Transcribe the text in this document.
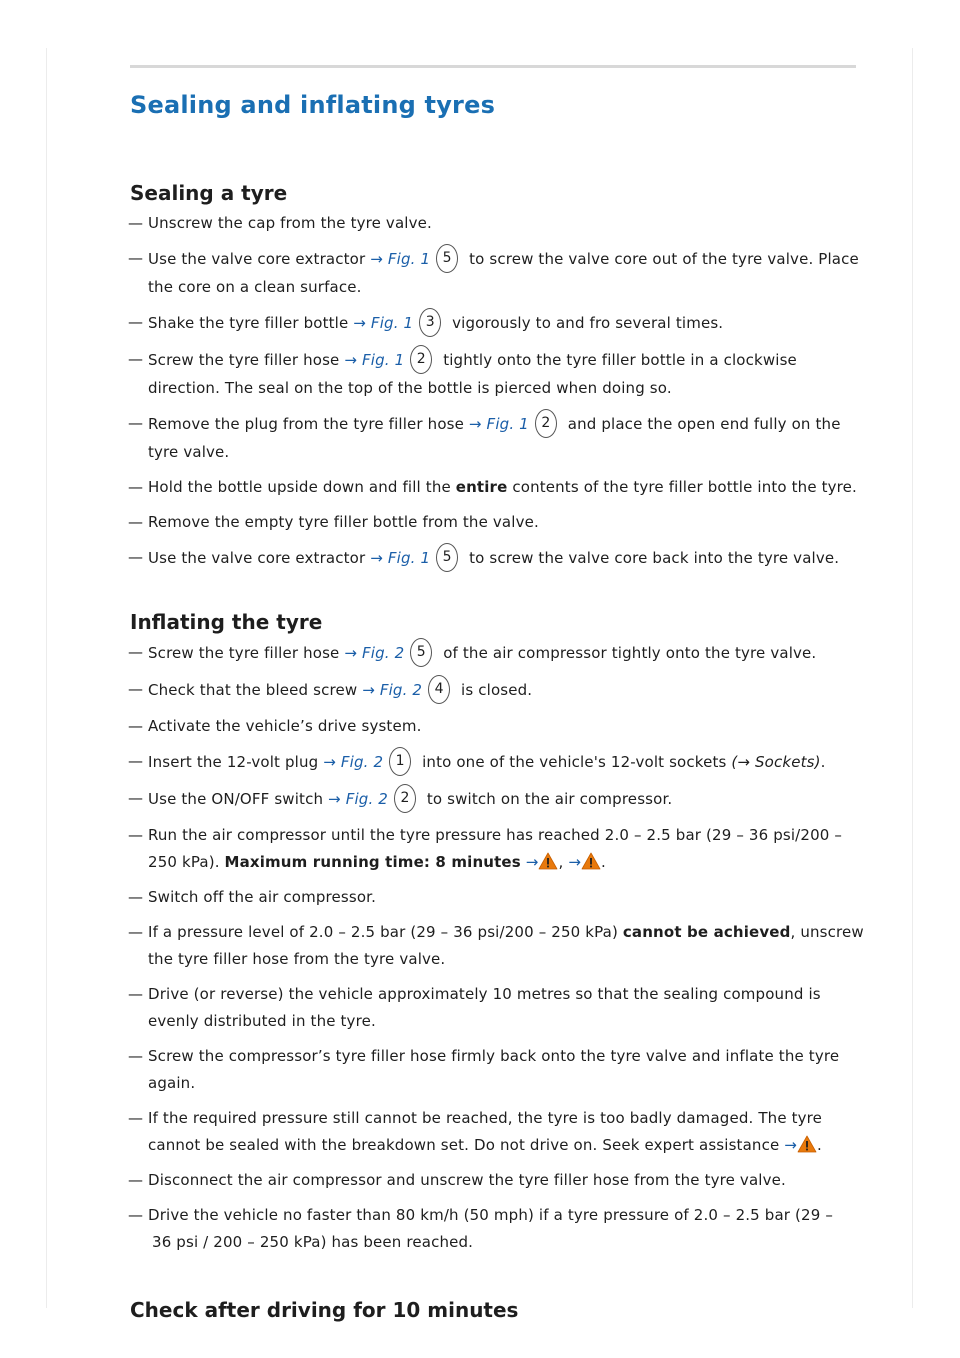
Sealing and inflating tyres
Sealing a tyre
— Unscrew the cap from the tyre valve.
— Use the valve core extractor → Fig. 1 5 to screw the valve core out of the tyre valve. Place the core on a clean surface.
— Shake the tyre filler bottle → Fig. 1 3 vigorously to and fro several times.
— Screw the tyre filler hose → Fig. 1 2 tightly onto the tyre filler bottle in a clockwise direction. The seal on the top of the bottle is pierced when doing so.
— Remove the plug from the tyre filler hose → Fig. 1 2 and place the open end fully on the tyre valve.
— Hold the bottle upside down and fill the entire contents of the tyre filler bottle into the tyre.
— Remove the empty tyre filler bottle from the valve.
— Use the valve core extractor → Fig. 1 5 to screw the valve core back into the tyre valve.
Inflating the tyre
— Screw the tyre filler hose → Fig. 2 5 of the air compressor tightly onto the tyre valve.
— Check that the bleed screw → Fig. 2 4 is closed.
— Activate the vehicle’s drive system.
— Insert the 12-volt plug → Fig. 2 1 into one of the vehicle's 12-volt sockets (→ Sockets).
— Use the ON/OFF switch → Fig. 2 2 to switch on the air compressor.
— Run the air compressor until the tyre pressure has reached 2.0 – 2.5 bar (29 – 36 psi/200 – 250 kPa). Maximum running time: 8 minutes → , → .
— Switch off the air compressor.
— If a pressure level of 2.0 – 2.5 bar (29 – 36 psi/200 – 250 kPa) cannot be achieved, unscrew the tyre filler hose from the tyre valve.
— Drive (or reverse) the vehicle approximately 10 metres so that the sealing compound is evenly distributed in the tyre.
— Screw the compressor’s tyre filler hose firmly back onto the tyre valve and inflate the tyre again.
— If the required pressure still cannot be reached, the tyre is too badly damaged. The tyre cannot be sealed with the breakdown set. Do not drive on. Seek expert assistance → .
— Disconnect the air compressor and unscrew the tyre filler hose from the tyre valve.
— Drive the vehicle no faster than 80 km/h (50 mph) if a tyre pressure of 2.0 – 2.5 bar (29 –
36 psi / 200 – 250 kPa) has been reached.
Check after driving for 10 minutes
